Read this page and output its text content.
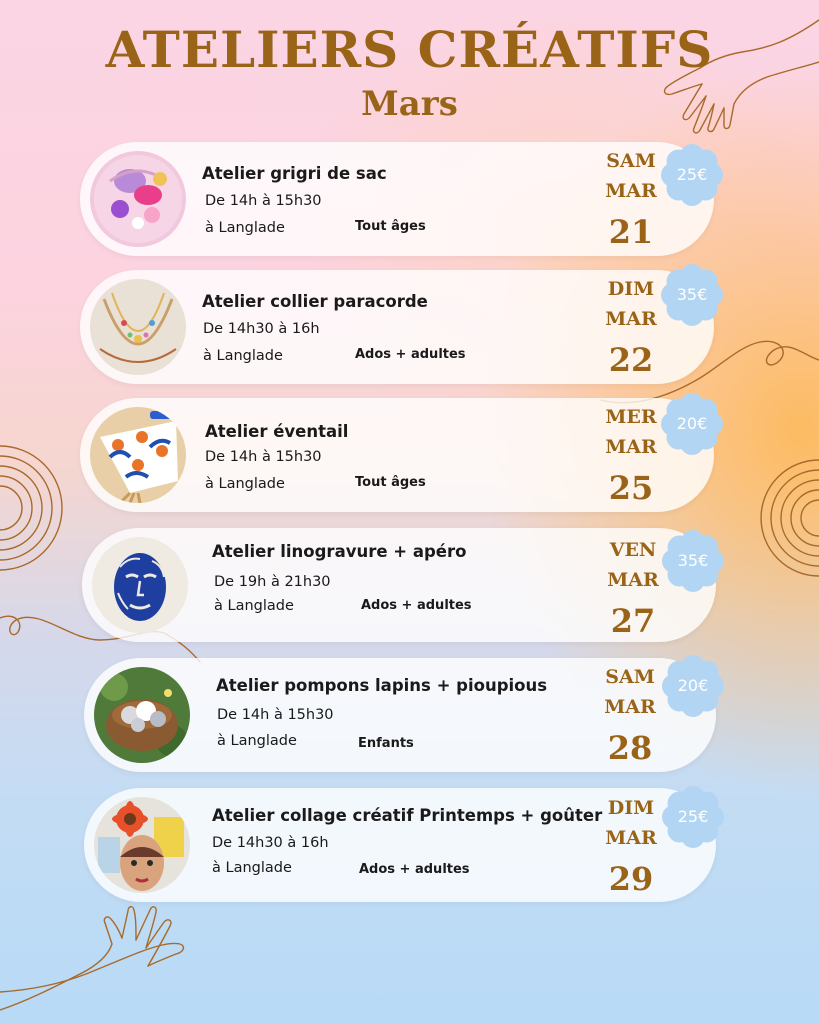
ATELIERS CRÉATIFS
Mars
Atelier grigri de sac
De 14h à 15h30
à Langlade	Tout âges
SAM
MAR
21
25€
Atelier collier paracorde
De 14h30 à 16h
à Langlade	Ados + adultes
DIM
MAR
22
35€
Atelier éventail
De 14h à 15h30
à Langlade	Tout âges
MER
MAR
25
20€
Atelier linogravure + apéro
De 19h à 21h30
à Langlade	Ados + adultes
VEN
MAR
27
35€
Atelier pompons lapins + pioupious
De 14h à 15h30
à Langlade	Enfants
SAM
MAR
28
20€
Atelier collage créatif Printemps + goûter
De 14h30 à 16h
à Langlade	Ados + adultes
DIM
MAR
29
25€
